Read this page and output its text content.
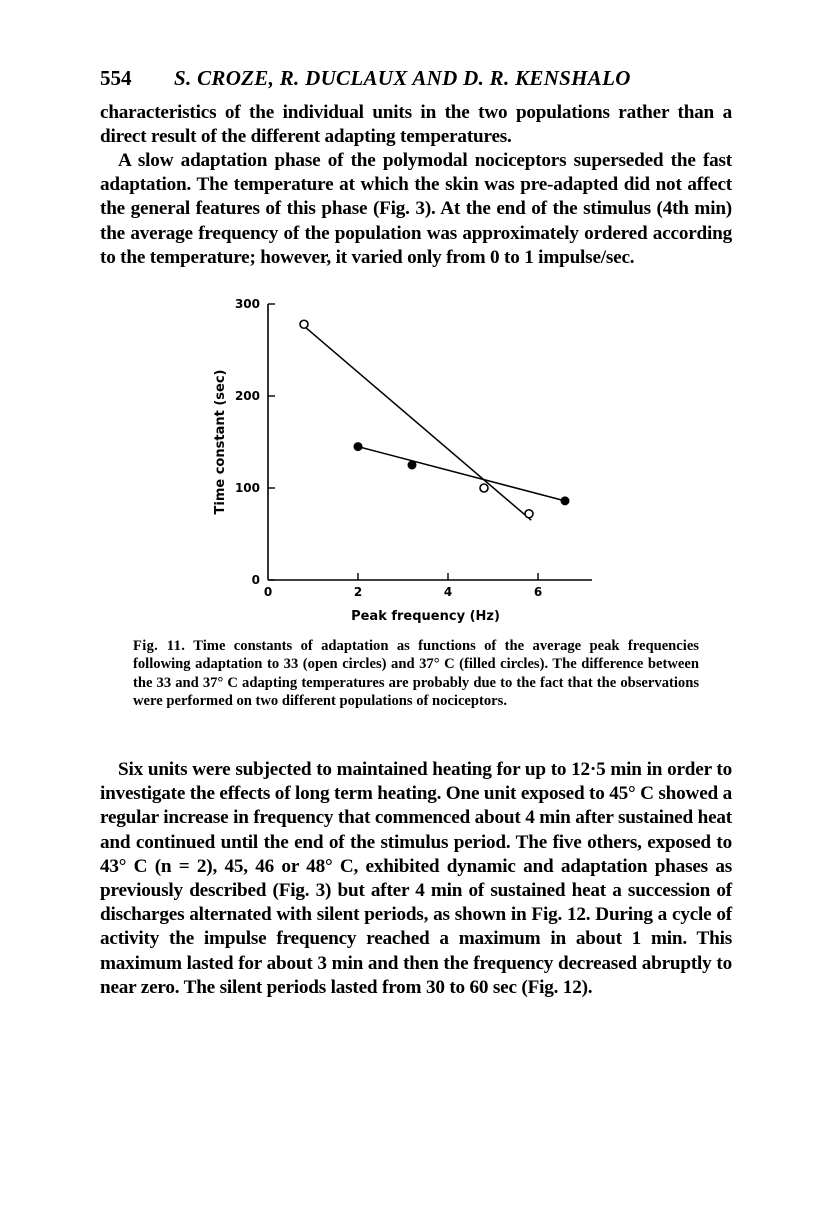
554 S. CROZE, R. DUCLAUX AND D. R. KENSHALO

characteristics of the individual units in the two populations rather than a direct result of the different adapting temperatures.

A slow adaptation phase of the polymodal nociceptors superseded the fast adaptation. The temperature at which the skin was pre-adapted did not affect the general features of this phase (Fig. 3). At the end of the stimulus (4th min) the average frequency of the population was approximately ordered according to the temperature; however, it varied only from 0 to 1 impulse/sec.

0
100
200
300
0	2	4	6
Peak frequency (Hz)
Time constant (sec)

Fig. 11. Time constants of adaptation as functions of the average peak frequencies following adaptation to 33 (open circles) and 37° C (filled circles). The difference between the 33 and 37° C adapting temperatures are probably due to the fact that the observations were performed on two different populations of nociceptors.

Six units were subjected to maintained heating for up to 12·5 min in order to investigate the effects of long term heating. One unit exposed to 45° C showed a regular increase in frequency that commenced about 4 min after sustained heat and continued until the end of the stimulus period. The five others, exposed to 43° C (n = 2), 45, 46 or 48° C, exhibited dynamic and adaptation phases as previously described (Fig. 3) but after 4 min of sustained heat a succession of discharges alternated with silent periods, as shown in Fig. 12. During a cycle of activity the impulse frequency reached a maximum in about 1 min. This maximum lasted for about 3 min and then the frequency decreased abruptly to near zero. The silent periods lasted from 30 to 60 sec (Fig. 12).
